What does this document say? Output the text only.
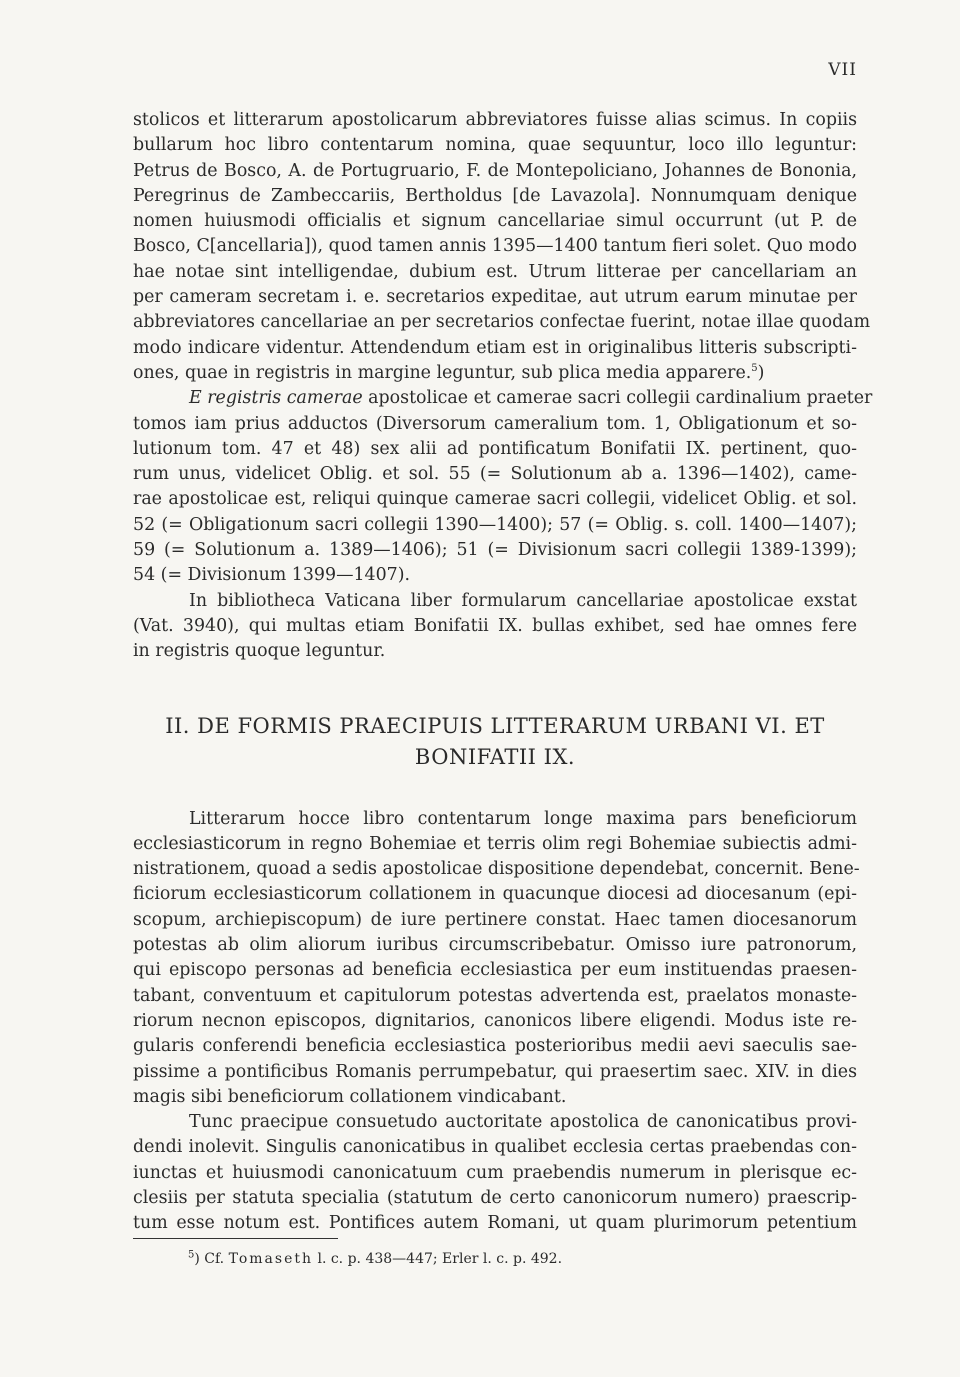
VII
stolicos et litterarum apostolicarum abbreviatores fuisse alias scimus. In copiis
bullarum hoc libro contentarum nomina, quae sequuntur, loco illo leguntur:
Petrus de Bosco, A. de Portugruario, F. de Montepoliciano, Johannes de Bononia,
Peregrinus de Zambeccariis, Bertholdus [de Lavazola]. Nonnumquam denique
nomen huiusmodi officialis et signum cancellariae simul occurrunt (ut P. de
Bosco, C[ancellaria]), quod tamen annis 1395—1400 tantum fieri solet. Quo modo
hae notae sint intelligendae, dubium est. Utrum litterae per cancellariam an
per cameram secretam i. e. secretarios expeditae, aut utrum earum minutae per
abbreviatores cancellariae an per secretarios confectae fuerint, notae illae quodam
modo indicare videntur. Attendendum etiam est in originalibus litteris subscripti-
ones, quae in registris in margine leguntur, sub plica media apparere.$^5$)
E registris camerae apostolicae et camerae sacri collegii cardinalium praeter
tomos iam prius adductos (Diversorum cameralium tom. 1, Obligationum et so-
lutionum tom. 47 et 48) sex alii ad pontificatum Bonifatii IX. pertinent, quo-
rum unus, videlicet Oblig. et sol. 55 (= Solutionum ab a. 1396—1402), came-
rae apostolicae est, reliqui quinque camerae sacri collegii, videlicet Oblig. et sol.
52 (= Obligationum sacri collegii 1390—1400); 57 (= Oblig. s. coll. 1400—1407);
59 (= Solutionum a. 1389—1406); 51 (= Divisionum sacri collegii 1389-1399);
54 (= Divisionum 1399—1407).
In bibliotheca Vaticana liber formularum cancellariae apostolicae exstat
(Vat. 3940), qui multas etiam Bonifatii IX. bullas exhibet, sed hae omnes fere
in registris quoque leguntur.
II. DE FORMIS PRAECIPUIS LITTERARUM URBANI VI. ET
BONIFATII IX.
Litterarum hocce libro contentarum longe maxima pars beneficiorum
ecclesiasticorum in regno Bohemiae et terris olim regi Bohemiae subiectis admi-
nistrationem, quoad a sedis apostolicae dispositione dependebat, concernit. Bene-
ficiorum ecclesiasticorum collationem in quacunque diocesi ad diocesanum (epi-
scopum, archiepiscopum) de iure pertinere constat. Haec tamen diocesanorum
potestas ab olim aliorum iuribus circumscribebatur. Omisso iure patronorum,
qui episcopo personas ad beneficia ecclesiastica per eum instituendas praesen-
tabant, conventuum et capitulorum potestas advertenda est, praelatos monaste-
riorum necnon episcopos, dignitarios, canonicos libere eligendi. Modus iste re-
gularis conferendi beneficia ecclesiastica posterioribus medii aevi saeculis sae-
pissime a pontificibus Romanis perrumpebatur, qui praesertim saec. XIV. in dies
magis sibi beneficiorum collationem vindicabant.
Tunc praecipue consuetudo auctoritate apostolica de canonicatibus provi-
dendi inolevit. Singulis canonicatibus in qualibet ecclesia certas praebendas con-
iunctas et huiusmodi canonicatuum cum praebendis numerum in plerisque ec-
clesiis per statuta specialia (statutum de certo canonicorum numero) praescrip-
tum esse notum est. Pontifices autem Romani, ut quam plurimorum petentium
$^5$) Cf. Tomaseth l. c. p. 438—447; Erler l. c. p. 492.
